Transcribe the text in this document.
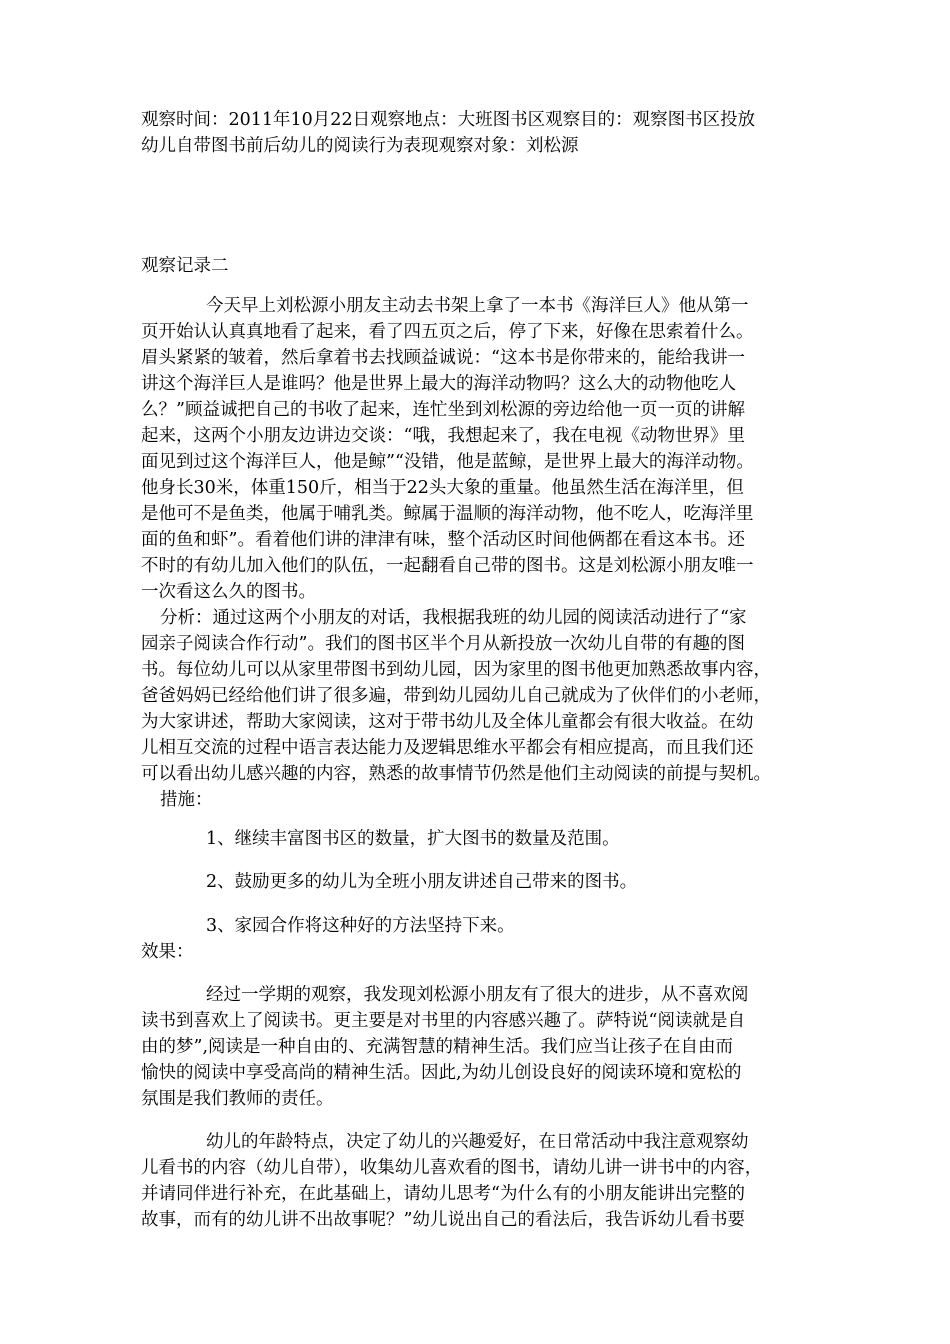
观察时间：2011年10月22日观察地点：大班图书区观察目的：观察图书区投放
幼儿自带图书前后幼儿的阅读行为表现观察对象：刘松源
观察记录二
今天早上刘松源小朋友主动去书架上拿了一本书《海洋巨人》他从第一
页开始认认真真地看了起来，看了四五页之后，停了下来，好像在思索着什么。
眉头紧紧的皱着，然后拿着书去找顾益诚说：“这本书是你带来的，能给我讲一
讲这个海洋巨人是谁吗？他是世界上最大的海洋动物吗？这么大的动物他吃人
么？”顾益诚把自己的书收了起来，连忙坐到刘松源的旁边给他一页一页的讲解
起来，这两个小朋友边讲边交谈：“哦，我想起来了，我在电视《动物世界》里
面见到过这个海洋巨人，他是鲸”“没错，他是蓝鲸，是世界上最大的海洋动物。
他身长30米，体重150斤，相当于22头大象的重量。他虽然生活在海洋里，但
是他可不是鱼类，他属于哺乳类。鲸属于温顺的海洋动物，他不吃人，吃海洋里
面的鱼和虾”。看着他们讲的津津有味，整个活动区时间他俩都在看这本书。还
不时的有幼儿加入他们的队伍，一起翻看自己带的图书。这是刘松源小朋友唯一
一次看这么久的图书。
分析：通过这两个小朋友的对话，我根据我班的幼儿园的阅读活动进行了“家
园亲子阅读合作行动”。我们的图书区半个月从新投放一次幼儿自带的有趣的图
书。每位幼儿可以从家里带图书到幼儿园，因为家里的图书他更加熟悉故事内容，
爸爸妈妈已经给他们讲了很多遍，带到幼儿园幼儿自己就成为了伙伴们的小老师，
为大家讲述，帮助大家阅读，这对于带书幼儿及全体儿童都会有很大收益。在幼
儿相互交流的过程中语言表达能力及逻辑思维水平都会有相应提高，而且我们还
可以看出幼儿感兴趣的内容，熟悉的故事情节仍然是他们主动阅读的前提与契机。
措施：
1、继续丰富图书区的数量，扩大图书的数量及范围。
2、鼓励更多的幼儿为全班小朋友讲述自己带来的图书。
3、家园合作将这种好的方法坚持下来。
效果：
经过一学期的观察，我发现刘松源小朋友有了很大的进步，从不喜欢阅
读书到喜欢上了阅读书。更主要是对书里的内容感兴趣了。萨特说“阅读就是自
由的梦”,阅读是一种自由的、充满智慧的精神生活。我们应当让孩子在自由而
愉快的阅读中享受高尚的精神生活。因此,为幼儿创设良好的阅读环境和宽松的
氛围是我们教师的责任。
幼儿的年龄特点，决定了幼儿的兴趣爱好，在日常活动中我注意观察幼
儿看书的内容（幼儿自带），收集幼儿喜欢看的图书，请幼儿讲一讲书中的内容，
并请同伴进行补充，在此基础上，请幼儿思考“为什么有的小朋友能讲出完整的
故事，而有的幼儿讲不出故事呢？”幼儿说出自己的看法后，我告诉幼儿看书要
